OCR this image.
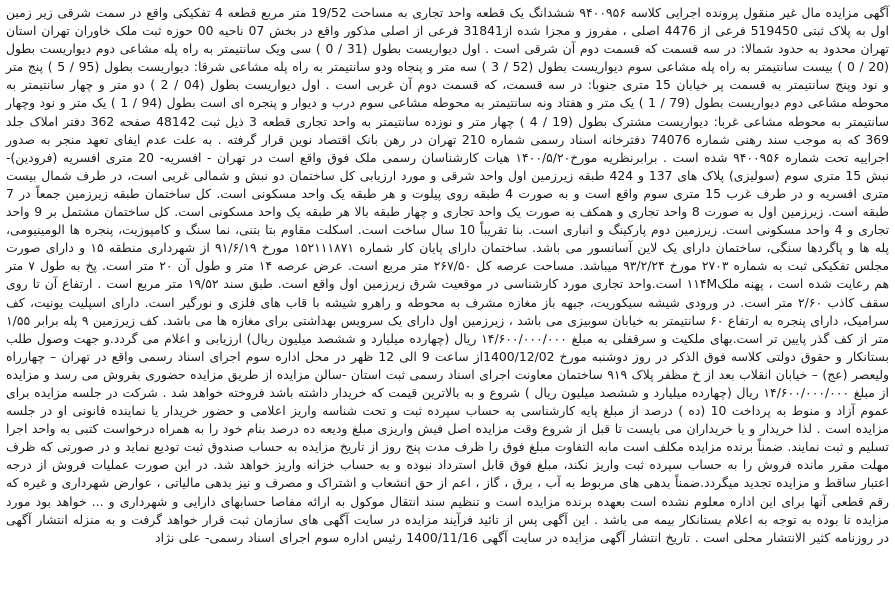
آگهی مزایده مال غیر منقول پرونده اجرایی کلاسه ۹۴۰۰۹۵۶ ششدانگ یک قطعه واحد تجاری به مساحت 19/52 متر مربع قطعه 4 تفکیکی واقع در سمت شرقی زیر زمین اول به پلاک ثبتی 519450 فرعی از 4476 اصلی ، مفروز و مجزا شده از31841 فرعی از اصلی مذکور واقع در بخش 07 ناحیه 00 حوزه ثبت ملک خاوران تهران استان تهران محدود به حدود شمالا: در سه قسمت که قسمت دوم آن شرقی است . اول دیواریست بطول (31 / 0 ) سی ویک سانتیمتر به راه پله مشاعی دوم دیواریست بطول (20 / 0 ) بیست سانتیمتر به راه پله مشاعی سوم دیواریست بطول (52 / 3 ) سه متر و پنجاه ودو سانتیمتر به راه پله مشاعی شرقا: دیواریست بطول (95 / 5 ) پنج متر و نود وپنج سانتیمتر به قسمت پر خیابان 15 متری جنوبا: در سه قسمت، که قسمت دوم آن غربی است . اول دیواریست بطول (04 / 2 ) دو متر و چهار سانتیمتر به محوطه مشاعی دوم دیواریست بطول (79 / 1 ) یک متر و هفتاد ونه سانتیمتر به محوطه مشاعی سوم درب و دیوار و پنجره ای است بطول (94 / 1 ) یک متر و نود وچهار سانتیمتر به محوطه مشاعی غربا: دیواریست مشترک بطول (19 / 4 ) چهار متر و نوزده سانتیمتر به واحد تجاری قطعه 3 ذیل ثبت 48142 صفحه 362 دفتر املاک جلد 369 که به موجب سند رهنی شماره 74076 دفترخانه اسناد رسمی شماره 210 تهران در رهن بانک اقتصاد نوین قرار گرفته . به علت عدم ایفای تعهد منجر به صدور اجراییه تحت شماره ۹۴۰۰۹۵۶ شده است . برابرنظریه مورخ۱۴۰۰/۵/۲۰ هیات کارشناسان رسمی ملک فوق واقع است در تهران - افسریه- 20 متری افسریه (فرودین)- نبش 15 متری سوم (سولیزی) پلاک های 137 و 424 طبقه زیرزمین اول واحد شرقی و مورد ارزیابی کل ساختمان دو نبش و شمالی غربی است، در طرف شمال بیست متری افسریه و در طرف غرب 15 متری سوم واقع است و به صورت 4 طبقه روی پیلوت و هر طبقه یک واحد مسکونی است. کل ساختمان طبقه زیرزمین جمعاً در 7 طبقه است. زیرزمین اول به صورت 8 واحد تجاری و همکف به صورت یک واحد تجاری و چهار طبقه بالا هر طبقه یک واحد مسکونی است. کل ساختمان مشتمل بر 9 واحد تجاری و 4 واحد مسکونی است. زیرزمین دوم پارکینگ و انباری است. بنا تقریباً 10 سال ساخت است. اسکلت مقاوم بتا بتنی، نما سنگ و کامپوزیت، پنجره ها الومینیومی، پله ها و پاگردها سنگی، ساختمان دارای یک لاین آسانسور می باشد. ساختمان دارای پایان کار شماره ۱۵۲۱۱۱۸۷۱ مورخ ۹۱/۶/۱۹ از شهرداری منطقه ۱۵ و دارای صورت مجلس تفکیکی ثبت به شماره ۲۷۰۳ مورخ ۹۳/۲/۲۴ میباشد. مساحت عرصه کل ۲۶۷/۵۰ متر مربع است. عرض عرصه ۱۴ متر و طول آن ۲۰ متر است. پخ به طول ۷ متر هم رعایت شده است ، پهنه ملک۱۱۴M است.واحد تجاری مورد کارشناسی در موقعیت شرق زیرزمین اول واقع است. طبق سند ۱۹/۵۲ متر مربع است . ارتفاع آن تا روی سقف کاذب ۲/۶۰ متر است. در ورودی شیشه سیکوریت، جبهه باز مغازه مشرف به محوطه و راهرو شیشه با قاب های فلزی و نورگیر است. دارای اسپلیت یونیت، کف سرامیک، دارای پنجره به ارتفاع ۶۰ سانتیمتر به خیابان سوبیزی می باشد ، زیرزمین اول دارای یک سرویس بهداشتی برای مغازه ها می باشد. کف زیرزمین ۹ پله برابر ۱/۵۵ متر از کف گذر پایین تر است.بهای ملکیت و سرقفلی به مبلغ ۱۴/۶۰۰/۰۰۰/۰۰۰ ریال (چهارده میلیارد و ششصد میلیون ریال) ارزیابی و اعلام می گردد.و جهت وصول طلب بستانکار و حقوق دولتی کلاسه فوق الذکر در روز دوشنبه مورخ 1400/12/02از ساعت 9 الی 12 ظهر در محل اداره سوم اجرای اسناد رسمی واقع در تهران – چهارراه ولیعصر (عج) – خیابان انقلاب بعد از خ مظفر پلاک ۹۱۹ ساختمان معاونت اجرای اسناد رسمی ثبت استان -سالن مزایده از طریق مزایده حضوری بفروش می رسد و مزایده از مبلغ ۱۴/۶۰۰/۰۰۰/۰۰۰ ریال (چهارده میلیارد و ششصد میلیون ریال ) شروع و به بالاترین قیمت که خریدار داشته باشد فروخته خواهد شد . شرکت در جلسه مزایده برای عموم آزاد و منوط به پرداخت 10 (ده ) درصد از مبلغ پایه کارشناسی به حساب سپرده ثبت و تحت شناسه واریز اعلامی و حضور خریدار یا نماینده قانونی او در جلسه مزایده است . لذا خریدار و یا خریداران می بایست تا قبل از شروع وقت مزایده اصل فیش واریزی مبلغ ودیعه ده درصد بنام خود را به همراه درخواست کتبی به واحد اجرا تسلیم و ثبت نمایند. ضمناً برنده مزایده مکلف است مابه التفاوت مبلغ فوق را ظرف مدت پنج روز از تاریخ مزایده به حساب صندوق ثبت تودیع نماید و در صورتی که ظرف مهلت مقرر مانده فروش را به حساب سپرده ثبت واریز نکند، مبلغ فوق قابل استرداد نبوده و به حساب خزانه واریز خواهد شد. در این صورت عملیات فروش از درجه اعتبار ساقط و مزایده تجدید میگردد.ضمناً بدهی های مربوط به آب ، برق ، گاز ، اعم از حق انشعاب و اشتراک و مصرف و نیز بدهی مالیاتی ، عوارض شهرداری و غیره که رقم قطعی آنها برای این اداره معلوم نشده است بعهده برنده مزایده است و تنظیم سند انتقال موکول به ارائه مفاصا حسابهای دارایی و شهرداری و ... خواهد بود مورد مزایده تا بوده به توجه به اعلام بستانکار بیمه می باشد . این آگهی پس از تائید فرآیند مزایده در سایت آگهی های سازمان ثبت قرار خواهد گرفت و به منزله انتشار آگهی در روزنامه کثیر الانتشار محلی است . تاریخ انتشار آگهی مزایده در سایت آگهی 1400/11/16 رئیس اداره سوم اجرای اسناد رسمی- علی نژاد
